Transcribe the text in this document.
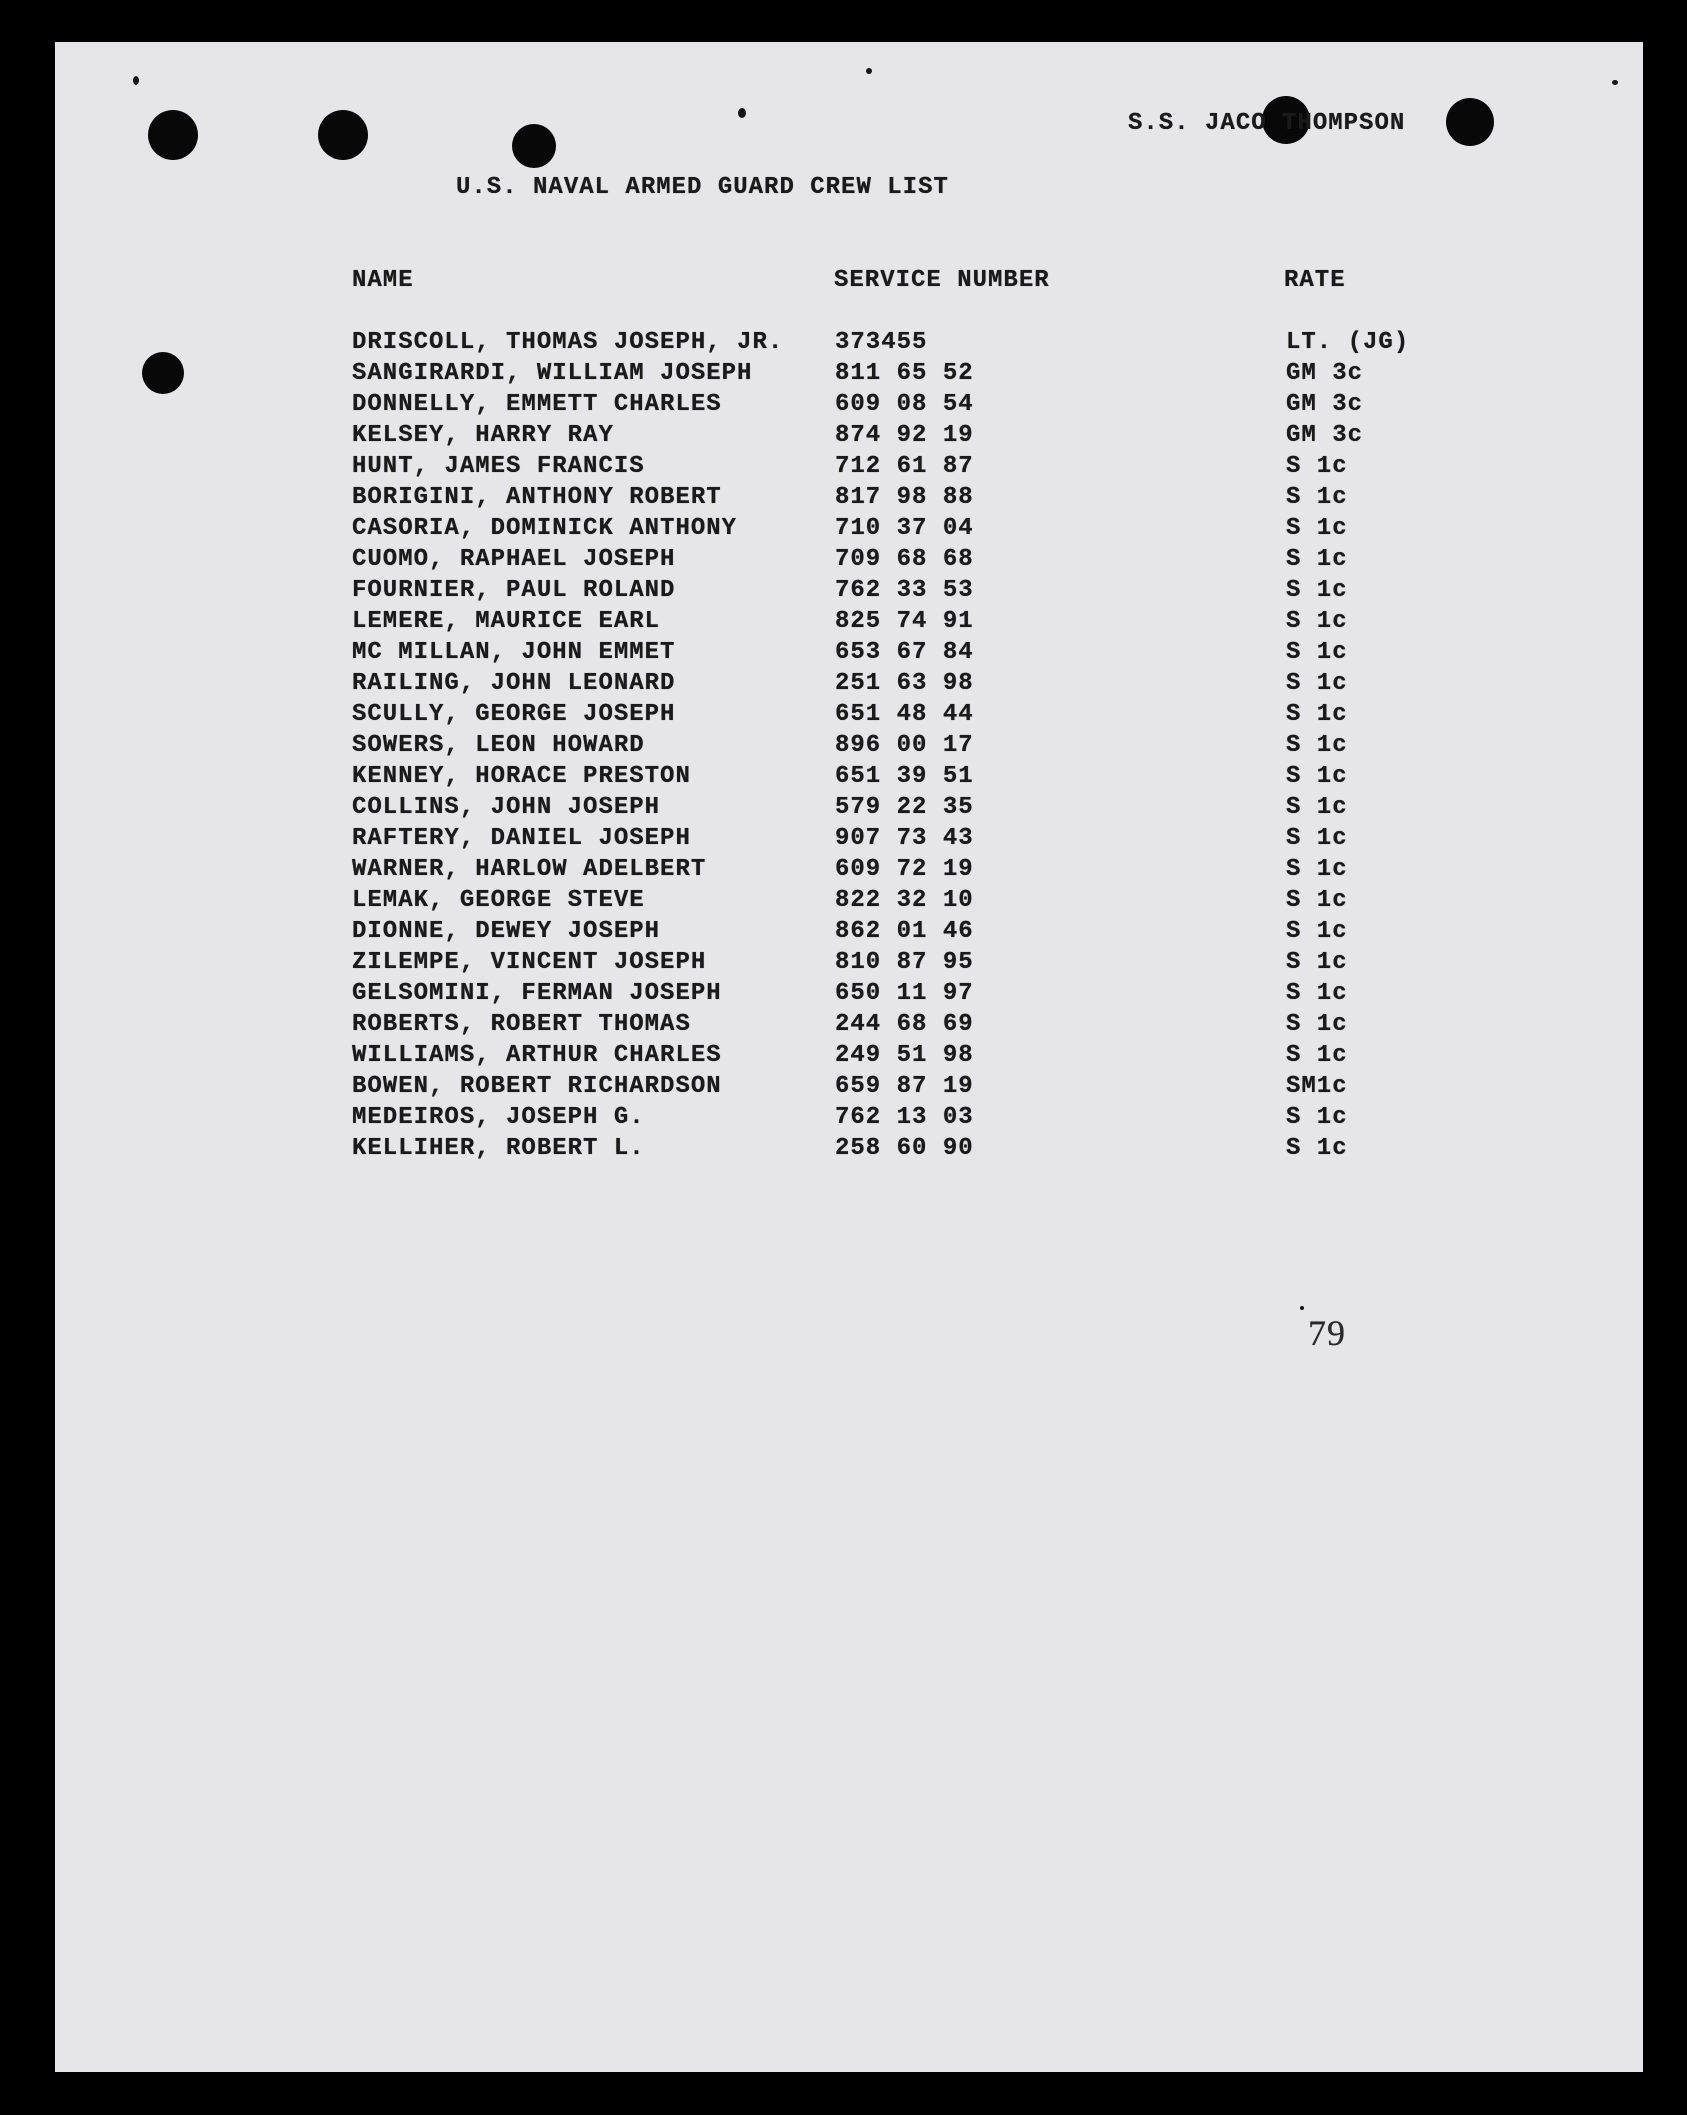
S.S. JACO THOMPSON
U.S. NAVAL ARMED GUARD CREW LIST
NAME	SERVICE NUMBER	RATE
DRISCOLL, THOMAS JOSEPH, JR. 373455	LT. (JG)
SANGIRARDI, WILLIAM JOSEPH	811 65 52	GM 3c
DONNELLY, EMMETT CHARLES	609 08 54	GM 3c
KELSEY, HARRY RAY	874 92 19	GM 3c
HUNT, JAMES FRANCIS	712 61 87	S 1c
BORIGINI, ANTHONY ROBERT	817 98 88	S 1c
CASORIA, DOMINICK ANTHONY	710 37 04	S 1c
CUOMO, RAPHAEL JOSEPH	709 68 68	S 1c
FOURNIER, PAUL ROLAND	762 33 53	S 1c
LEMERE, MAURICE EARL	825 74 91	S 1c
MC MILLAN, JOHN EMMET	653 67 84	S 1c
RAILING, JOHN LEONARD	251 63 98	S 1c
SCULLY, GEORGE JOSEPH	651 48 44	S 1c
SOWERS, LEON HOWARD	896 00 17	S 1c
KENNEY, HORACE PRESTON	651 39 51	S 1c
COLLINS, JOHN JOSEPH	579 22 35	S 1c
RAFTERY, DANIEL JOSEPH	907 73 43	S 1c
WARNER, HARLOW ADELBERT	609 72 19	S 1c
LEMAK, GEORGE STEVE	822 32 10	S 1c
DIONNE, DEWEY JOSEPH	862 01 46	S 1c
ZILEMPE, VINCENT JOSEPH	810 87 95	S 1c
GELSOMINI, FERMAN JOSEPH	650 11 97	S 1c
ROBERTS, ROBERT THOMAS	244 68 69	S 1c
WILLIAMS, ARTHUR CHARLES	249 51 98	S 1c
BOWEN, ROBERT RICHARDSON	659 87 19	SM1c
MEDEIROS, JOSEPH G.	762 13 03	S 1c
KELLIHER, ROBERT L.	258 60 90	S 1c
79
